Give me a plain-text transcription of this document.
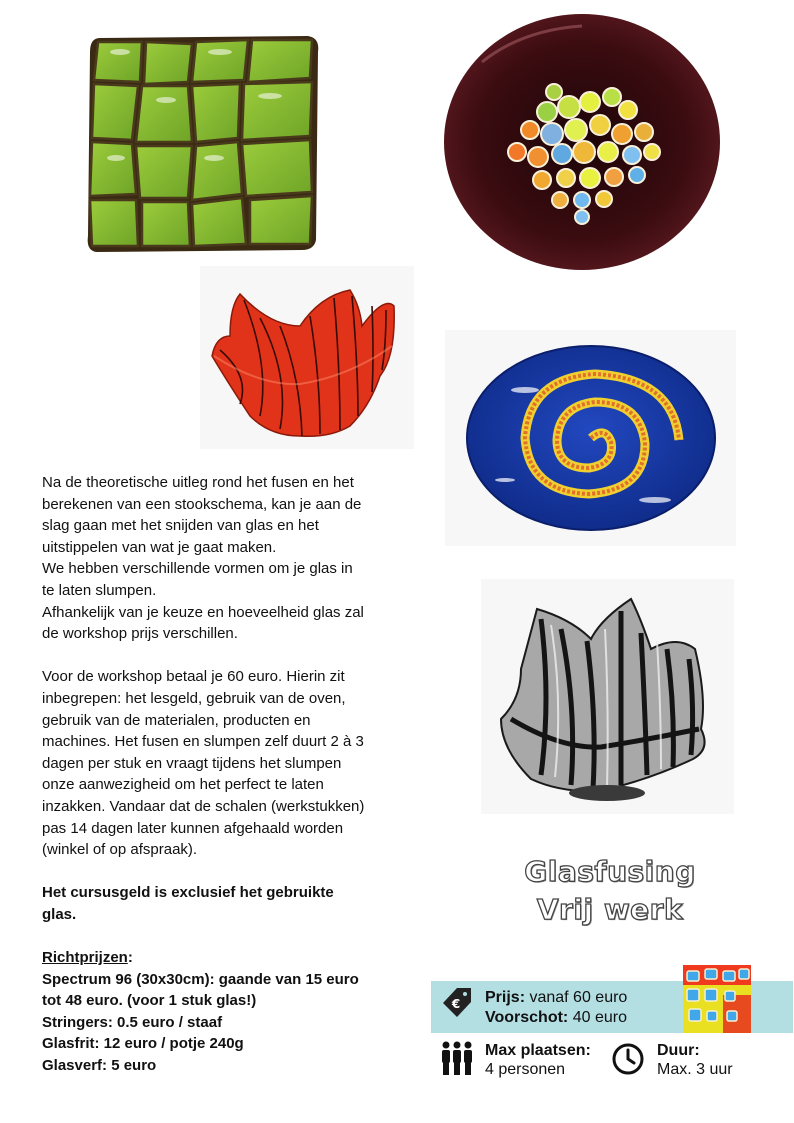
Na de theoretische uitleg rond het fusen en het
berekenen van een stookschema, kan je aan de
slag gaan met het snijden van glas en het
uitstippelen van wat je gaat maken.
We hebben verschillende vormen om je glas in
te laten slumpen.
Afhankelijk van je keuze en hoeveelheid glas zal
de workshop prijs verschillen.

Voor de workshop betaal je 60 euro. Hierin zit
inbegrepen: het lesgeld, gebruik van de oven,
gebruik van de materialen, producten en
machines. Het fusen en slumpen zelf duurt 2 à 3
dagen per stuk en vraagt tijdens het slumpen
onze aanwezigheid om het perfect te laten
inzakken. Vandaar dat de schalen (werkstukken)
pas 14 dagen later kunnen afgehaald worden
(winkel of op afspraak).

Het cursusgeld is exclusief het gebruikte
glas.

Richtprijzen:
Spectrum 96 (30x30cm): gaande van 15 euro
tot 48 euro. (voor 1 stuk glas!)
Stringers: 0.5 euro / staaf
Glasfrit: 12 euro / potje 240g
Glasverf: 5 euro

Glasfusing
Vrij werk
€ Prijs: vanaf 60 euro
Voorschot: 40 euro
Max plaatsen:
4 personen
Duur:
Max. 3 uur
